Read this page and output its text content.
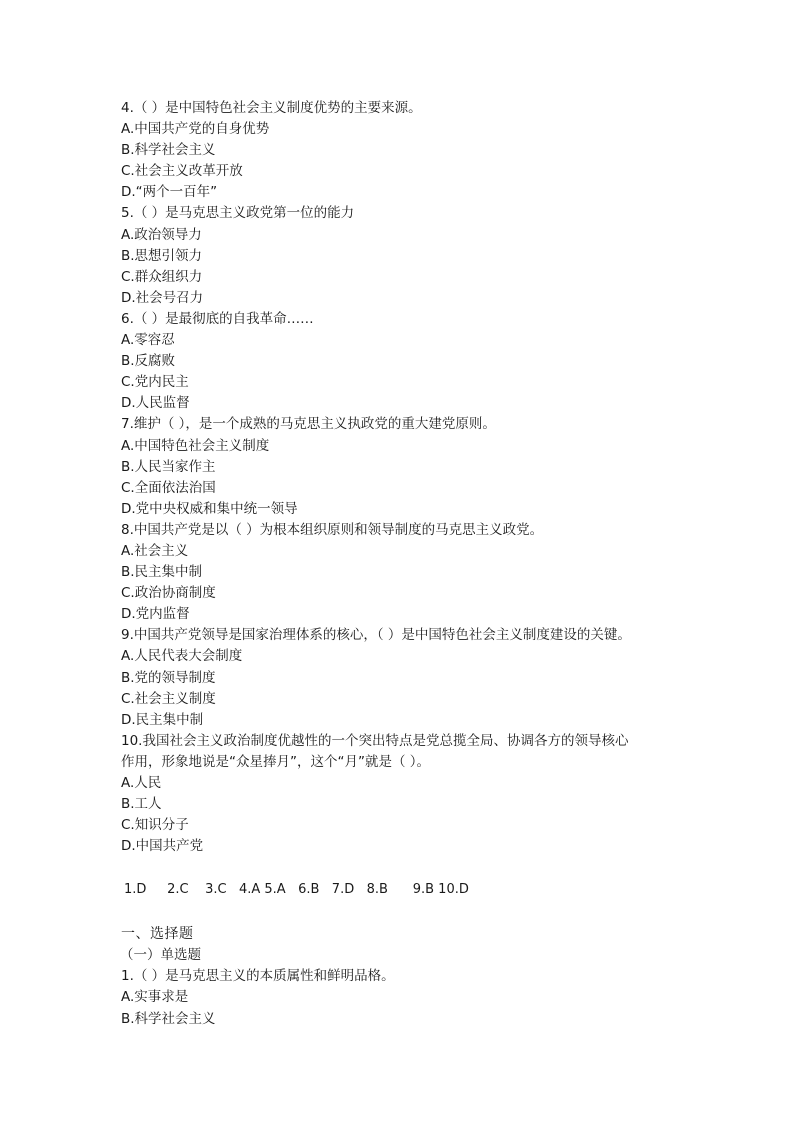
4.（ ）是中国特色社会主义制度优势的主要来源。
A.中国共产党的自身优势
B.科学社会主义
C.社会主义改革开放
D.“两个一百年”
5.（ ）是马克思主义政党第一位的能力
A.政治领导力
B.思想引领力
C.群众组织力
D.社会号召力
6.（ ）是最彻底的自我革命……
A.零容忍
B.反腐败
C.党内民主
D.人民监督
7.维护（ ），是一个成熟的马克思主义执政党的重大建党原则。
A.中国特色社会主义制度
B.人民当家作主
C.全面依法治国
D.党中央权威和集中统一领导
8.中国共产党是以（ ）为根本组织原则和领导制度的马克思主义政党。
A.社会主义
B.民主集中制
C.政治协商制度
D.党内监督
9.中国共产党领导是国家治理体系的核心，（ ）是中国特色社会主义制度建设的关键。
A.人民代表大会制度
B.党的领导制度
C.社会主义制度
D.民主集中制
10.我国社会主义政治制度优越性的一个突出特点是党总揽全局、协调各方的领导核心
作用，形象地说是“众星捧月”，这个“月”就是（ ）。
A.人民
B.工人
C.知识分子
D.中国共产党
1.D     2.C    3.C   4.A 5.A   6.B   7.D   8.B      9.B 10.D
一、选择题
（一）单选题
1.（ ）是马克思主义的本质属性和鲜明品格。
A.实事求是
B.科学社会主义
